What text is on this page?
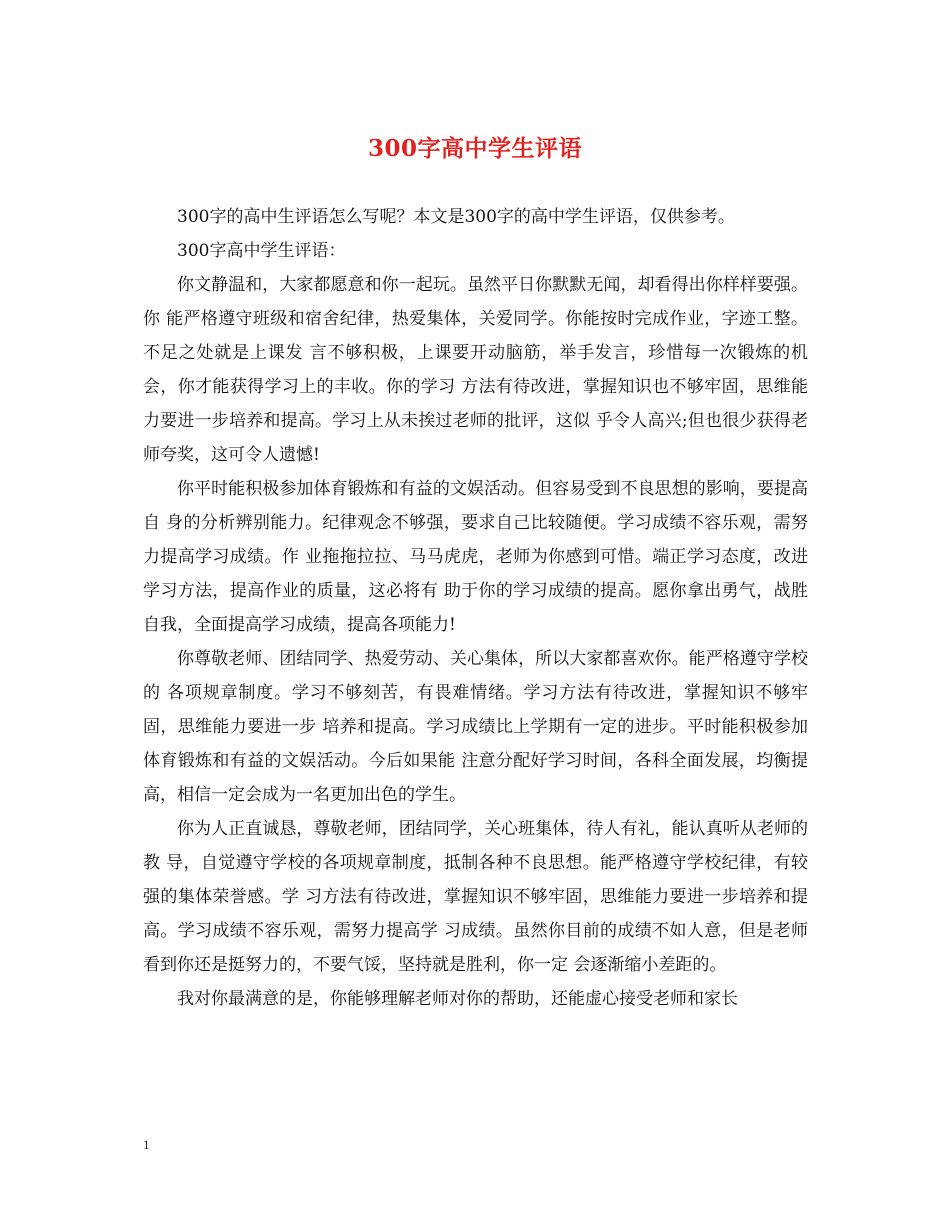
300字高中学生评语

300字的高中生评语怎么写呢？本文是300字的高中学生评语，仅供参考。

300字高中学生评语：

你文静温和，大家都愿意和你一起玩。虽然平日你默默无闻，却看得出你样样要强。你 能严格遵守班级和宿舍纪律，热爱集体，关爱同学。你能按时完成作业，字迹工整。不足之处就是上课发 言不够积极，上课要开动脑筋，举手发言，珍惜每一次锻炼的机会，你才能获得学习上的丰收。你的学习 方法有待改进，掌握知识也不够牢固，思维能力要进一步培养和提高。学习上从未挨过老师的批评，这似 乎令人高兴;但也很少获得老师夸奖，这可令人遗憾!

你平时能积极参加体育锻炼和有益的文娱活动。但容易受到不良思想的影响，要提高自 身的分析辨别能力。纪律观念不够强，要求自己比较随便。学习成绩不容乐观，需努力提高学习成绩。作 业拖拖拉拉、马马虎虎，老师为你感到可惜。端正学习态度，改进学习方法，提高作业的质量，这必将有 助于你的学习成绩的提高。愿你拿出勇气，战胜自我，全面提高学习成绩，提高各项能力!

你尊敬老师、团结同学、热爱劳动、关心集体，所以大家都喜欢你。能严格遵守学校的 各项规章制度。学习不够刻苦，有畏难情绪。学习方法有待改进，掌握知识不够牢固，思维能力要进一步 培养和提高。学习成绩比上学期有一定的进步。平时能积极参加体育锻炼和有益的文娱活动。今后如果能 注意分配好学习时间，各科全面发展，均衡提高，相信一定会成为一名更加出色的学生。

你为人正直诚恳，尊敬老师，团结同学，关心班集体，待人有礼，能认真听从老师的教 导，自觉遵守学校的各项规章制度，抵制各种不良思想。能严格遵守学校纪律，有较强的集体荣誉感。学 习方法有待改进，掌握知识不够牢固，思维能力要进一步培养和提高。学习成绩不容乐观，需努力提高学 习成绩。虽然你目前的成绩不如人意，但是老师看到你还是挺努力的，不要气馁，坚持就是胜利，你一定 会逐渐缩小差距的。

我对你最满意的是，你能够理解老师对你的帮助，还能虚心接受老师和家长

1
